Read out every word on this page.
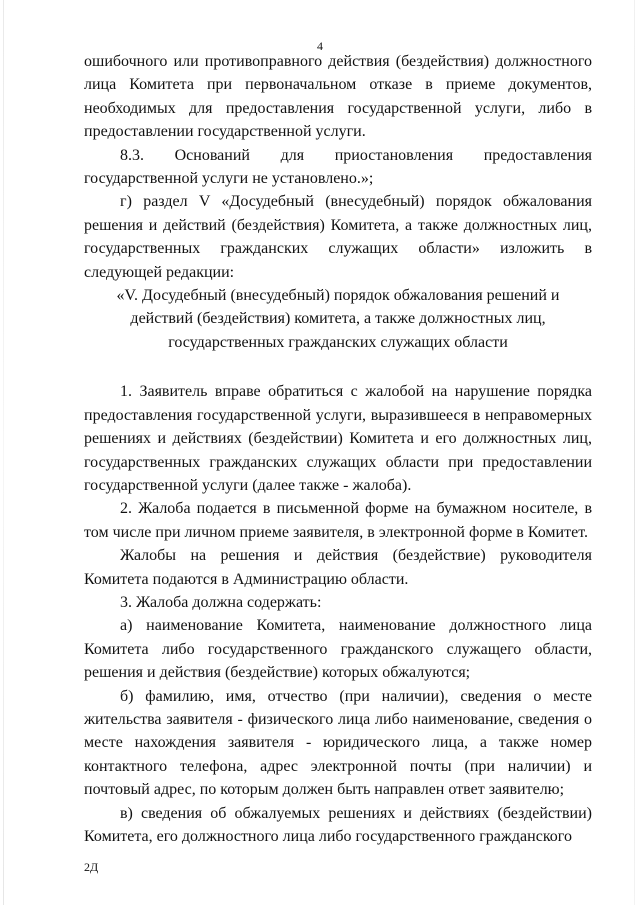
4

ошибочного или противоправного действия (бездействия) должностного лица Комитета при первоначальном отказе в приеме документов, необходимых для предоставления государственной услуги, либо в предоставлении государственной услуги.

8.3. Оснований для приостановления предоставления государственной услуги не установлено.»;

г) раздел V «Досудебный (внесудебный) порядок обжалования решения и действий (бездействия) Комитета, а также должностных лиц, государственных гражданских служащих области» изложить в следующей редакции:

«V. Досудебный (внесудебный) порядок обжалования решений и действий (бездействия) комитета, а также должностных лиц, государственных гражданских служащих области

1. Заявитель вправе обратиться с жалобой на нарушение порядка предоставления государственной услуги, выразившееся в неправомерных решениях и действиях (бездействии) Комитета и его должностных лиц, государственных гражданских служащих области при предоставлении государственной услуги (далее также - жалоба).

2. Жалоба подается в письменной форме на бумажном носителе, в том числе при личном приеме заявителя, в электронной форме в Комитет.

Жалобы на решения и действия (бездействие) руководителя Комитета подаются в Администрацию области.

3. Жалоба должна содержать:

а) наименование Комитета, наименование должностного лица Комитета либо государственного гражданского служащего области, решения и действия (бездействие) которых обжалуются;

б) фамилию, имя, отчество (при наличии), сведения о месте жительства заявителя - физического лица либо наименование, сведения о месте нахождения заявителя - юридического лица, а также номер контактного телефона, адрес электронной почты (при наличии) и почтовый адрес, по которым должен быть направлен ответ заявителю;

в) сведения об обжалуемых решениях и действиях (бездействии) Комитета, его должностного лица либо государственного гражданского

2Д
